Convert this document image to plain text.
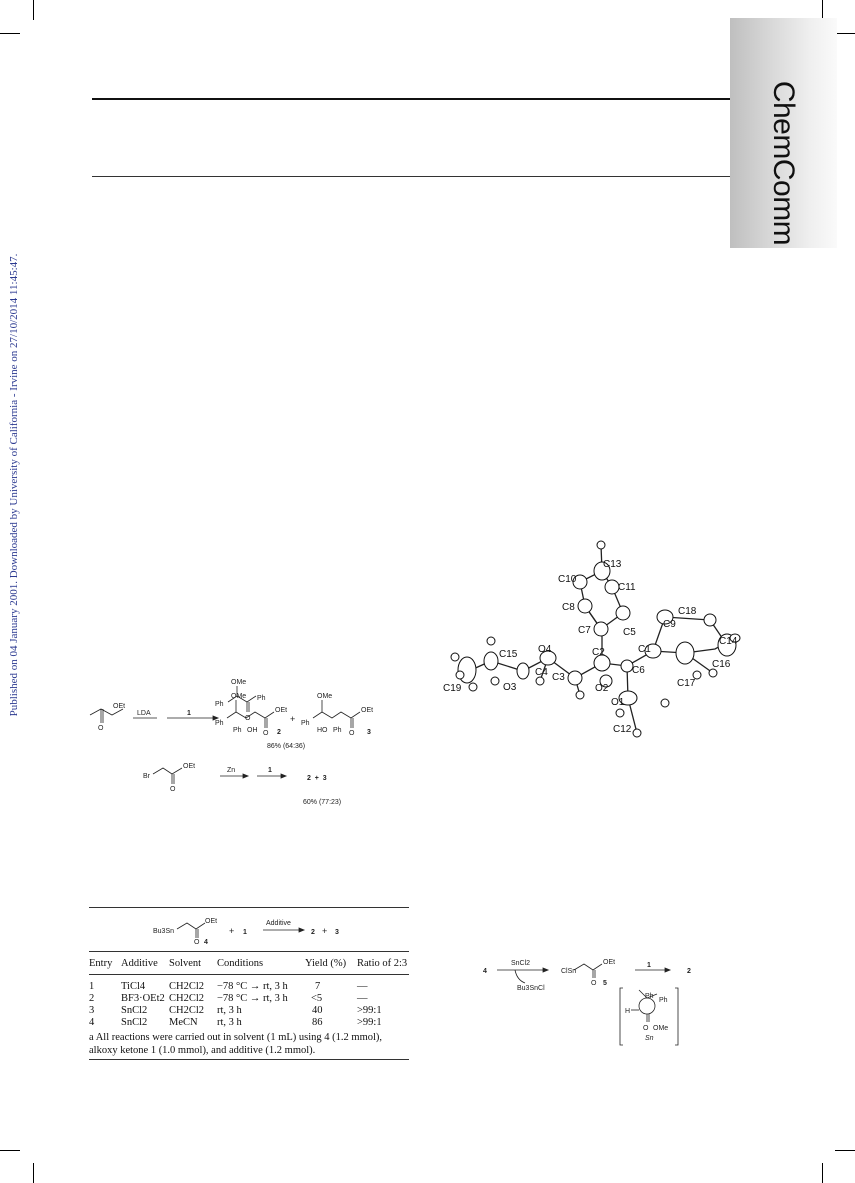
ChemComm
Published on 04 January 2001. Downloaded by University of California - Irvine on 27/10/2014 11:45:47.	OEt
O
OMe
Ph
Ph
O
LDA	1
OMe
Ph
Ph OH
OEt
O 2
+
OMe
Ph
HO Ph
OEt
O 3
86% (64:36)
Br
OEt
O
Zn	1
2  +  3
60% (77:23)
C13
C10
C11
C8
C5
C7
C18
C9
C14
C1
C16
C2
O4
C15
C6
C17
C4 C3
O2
C19	O3
O1
C12
Bu3Sn
OEt
O 4
+ 1
Additive
2 + 3
Entry Additive Solvent Conditions	Yield (%) Ratio of 2:3
1	TiCl4 CH2Cl2 −78 °C → rt, 3 h	7	—
2	BF3·OEt2 CH2Cl2 −78 °C → rt, 3 h <5	—
3	SnCl2 CH2Cl2 rt, 3 h	40	>99:1
4	SnCl2 MeCN rt, 3 h	86	>99:1
a All reactions were carried out in solvent (1 mL) using 4 (1.2 mmol), alkoxy ketone 1 (1.0 mmol), and additive (1.2 mmol).
4
SnCl2
Bu3SnCl
ClSn
OEt
O 5
1
2
Ph
Ph
H
O OMe
Sn
